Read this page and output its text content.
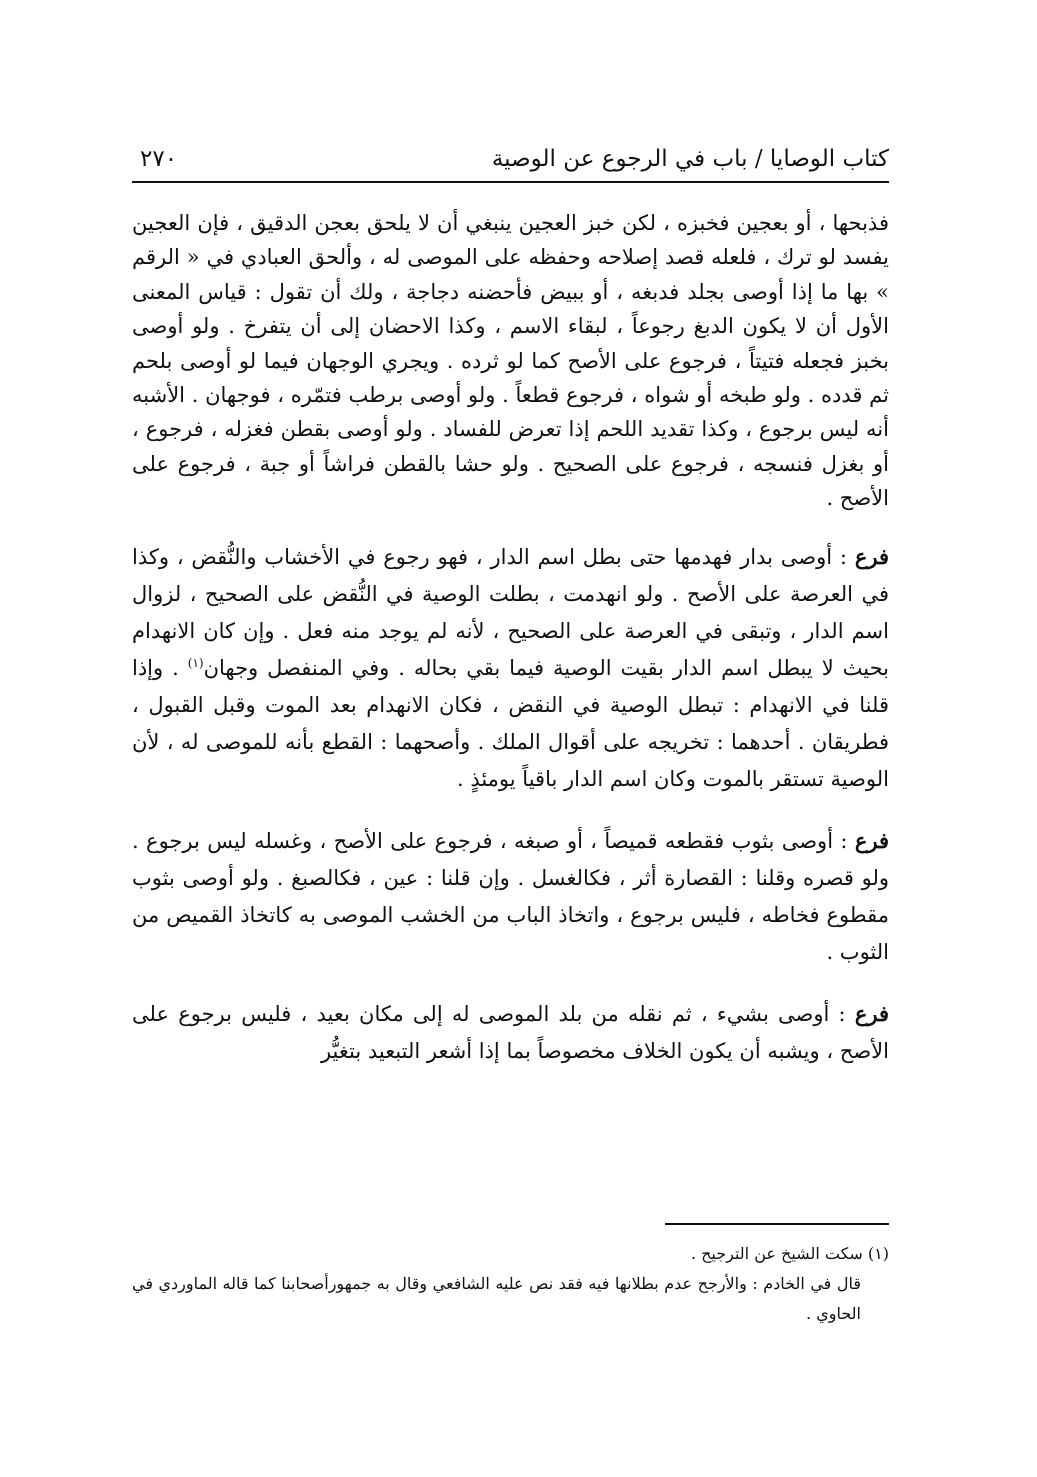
كتاب الوصايا / باب في الرجوع عن الوصية
٢٧٠

فذبحها ، أو بعجين فخبزه ، لكن خبز العجين ينبغي أن لا يلحق بعجن الدقيق ، فإن العجين يفسد لو ترك ، فلعله قصد إصلاحه وحفظه على الموصى له ، وألحق العبادي في « الرقم » بها ما إذا أوصى بجلد فدبغه ، أو ببيض فأحضنه دجاجة ، ولك أن تقول : قياس المعنى الأول أن لا يكون الدبغ رجوعاً ، لبقاء الاسم ، وكذا الاحضان إلى أن يتفرخ . ولو أوصى بخبز فجعله فتيتاً ، فرجوع على الأصح كما لو ثرده . ويجري الوجهان فيما لو أوصى بلحم ثم قدده . ولو طبخه أو شواه ، فرجوع قطعاً . ولو أوصى برطب فتمّره ، فوجهان . الأشبه أنه ليس برجوع ، وكذا تقديد اللحم إذا تعرض للفساد . ولو أوصى بقطن فغزله ، فرجوع ، أو بغزل فنسجه ، فرجوع على الصحيح . ولو حشا بالقطن فراشاً أو جبة ، فرجوع على الأصح .

فرع : أوصى بدار فهدمها حتى بطل اسم الدار ، فهو رجوع في الأخشاب والنُّقض ، وكذا في العرصة على الأصح . ولو انهدمت ، بطلت الوصية في النُّقض على الصحيح ، لزوال اسم الدار ، وتبقى في العرصة على الصحيح ، لأنه لم يوجد منه فعل . وإن كان الانهدام بحيث لا يبطل اسم الدار بقيت الوصية فيما بقي بحاله . وفي المنفصل وجهان$^{(١)}$ . وإذا قلنا في الانهدام : تبطل الوصية في النقض ، فكان الانهدام بعد الموت وقبل القبول ، فطريقان . أحدهما : تخريجه على أقوال الملك . وأصحهما : القطع بأنه للموصى له ، لأن الوصية تستقر بالموت وكان اسم الدار باقياً يومئذٍ .

فرع : أوصى بثوب فقطعه قميصاً ، أو صبغه ، فرجوع على الأصح ، وغسله ليس برجوع . ولو قصره وقلنا : القصارة أثر ، فكالغسل . وإن قلنا : عين ، فكالصبغ . ولو أوصى بثوب مقطوع فخاطه ، فليس برجوع ، واتخاذ الباب من الخشب الموصى به كاتخاذ القميص من الثوب .

فرع : أوصى بشيء ، ثم نقله من بلد الموصى له إلى مكان بعيد ، فليس برجوع على الأصح ، ويشبه أن يكون الخلاف مخصوصاً بما إذا أشعر التبعيد بتغيُّر

(١) سكت الشيخ عن الترجيح .

قال في الخادم : والأرجح عدم بطلانها فيه فقد نص عليه الشافعي وقال به جمهورأصحابنا كما قاله الماوردي في الحاوي .
